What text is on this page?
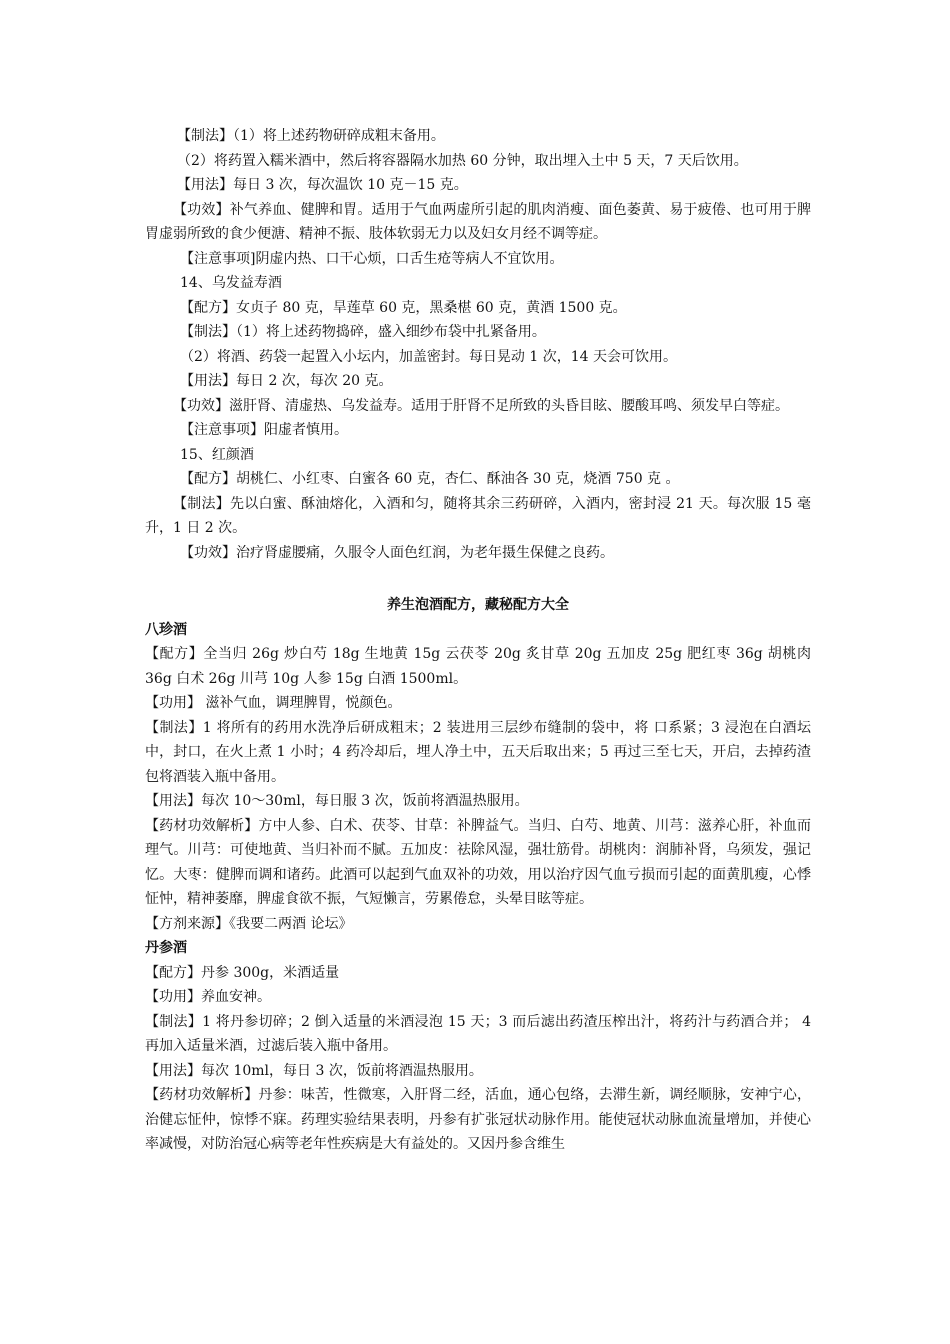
【制法】（1）将上述药物研碎成粗末备用。
（2）将药置入糯米酒中，然后将容器隔水加热 60 分钟，取出埋入土中 5 天，7 天后饮用。
【用法】每日 3 次，每次温饮 10 克－15 克。
【功效】补气养血、健脾和胃。适用于气血两虚所引起的肌肉消瘦、面色萎黄、易于疲倦、也可用于脾胃虚弱所致的食少便溏、精神不振、肢体软弱无力以及妇女月经不调等症。
【注意事项]阴虚内热、口干心烦，口舌生疮等病人不宜饮用。
14、乌发益寿酒
【配方】女贞子 80 克，旱莲草 60 克，黑桑椹 60 克，黄酒 1500 克。
【制法】（1）将上述药物捣碎，盛入细纱布袋中扎紧备用。
（2）将酒、药袋一起置入小坛内，加盖密封。每日晃动 1 次，14 天会可饮用。
【用法】每日 2 次，每次 20 克。
【功效】滋肝肾、清虚热、乌发益寿。适用于肝肾不足所致的头昏目眩、腰酸耳鸣、须发早白等症。
【注意事项】阳虚者慎用。
15、红颜酒
【配方】胡桃仁、小红枣、白蜜各 60 克，杏仁、酥油各 30 克，烧酒 750 克 。
【制法】先以白蜜、酥油熔化，入酒和匀，随将其余三药研碎，入酒内，密封浸 21 天。每次服 15 毫升，1 日 2 次。
【功效】治疗肾虚腰痛，久服令人面色红润，为老年摄生保健之良药。
养生泡酒配方，藏秘配方大全
八珍酒
【配方】全当归 26g 炒白芍 18g 生地黄 15g 云茯苓 20g 炙甘草 20g 五加皮 25g 肥红枣 36g 胡桃肉 36g 白术 26g 川芎 10g 人参 15g 白酒 1500ml。
【功用】 滋补气血，调理脾胃，悦颜色。
【制法】1 将所有的药用水洗净后研成粗末；2 装进用三层纱布缝制的袋中，将 口系紧；3 浸泡在白酒坛中，封口，在火上煮 1 小时；4 药冷却后，埋人净土中，五天后取出来；5 再过三至七天，开启，去掉药渣包将酒装入瓶中备用。
【用法】每次 10～30ml，每日服 3 次，饭前将酒温热服用。
【药材功效解析】方中人参、白术、茯苓、甘草：补脾益气。当归、白芍、地黄、川芎：滋养心肝，补血而理气。川芎：可使地黄、当归补而不腻。五加皮：祛除风湿，强壮筋骨。胡桃肉：润肺补肾，乌须发，强记忆。大枣：健脾而调和诸药。此酒可以起到气血双补的功效，用以治疗因气血亏损而引起的面黄肌瘦，心悸怔忡，精神萎靡，脾虚食欲不振，气短懒言，劳累倦怠，头晕目眩等症。
【方剂来源】《我要二两酒 论坛》
丹参酒
【配方】丹参 300g，米酒适量
【功用】养血安神。
【制法】1 将丹参切碎；2 倒入适量的米酒浸泡 15 天；3 而后滤出药渣压榨出汁，将药汁与药酒合并； 4 再加入适量米酒，过滤后装入瓶中备用。
【用法】每次 10ml，每日 3 次，饭前将酒温热服用。
【药材功效解析】丹参：味苦，性微寒，入肝肾二经，活血，通心包络，去滞生新，调经顺脉，安神宁心，治健忘怔仲，惊悸不寐。药理实验结果表明，丹参有扩张冠状动脉作用。能使冠状动脉血流量增加，并使心率减慢，对防治冠心病等老年性疾病是大有益处的。又因丹参含维生
